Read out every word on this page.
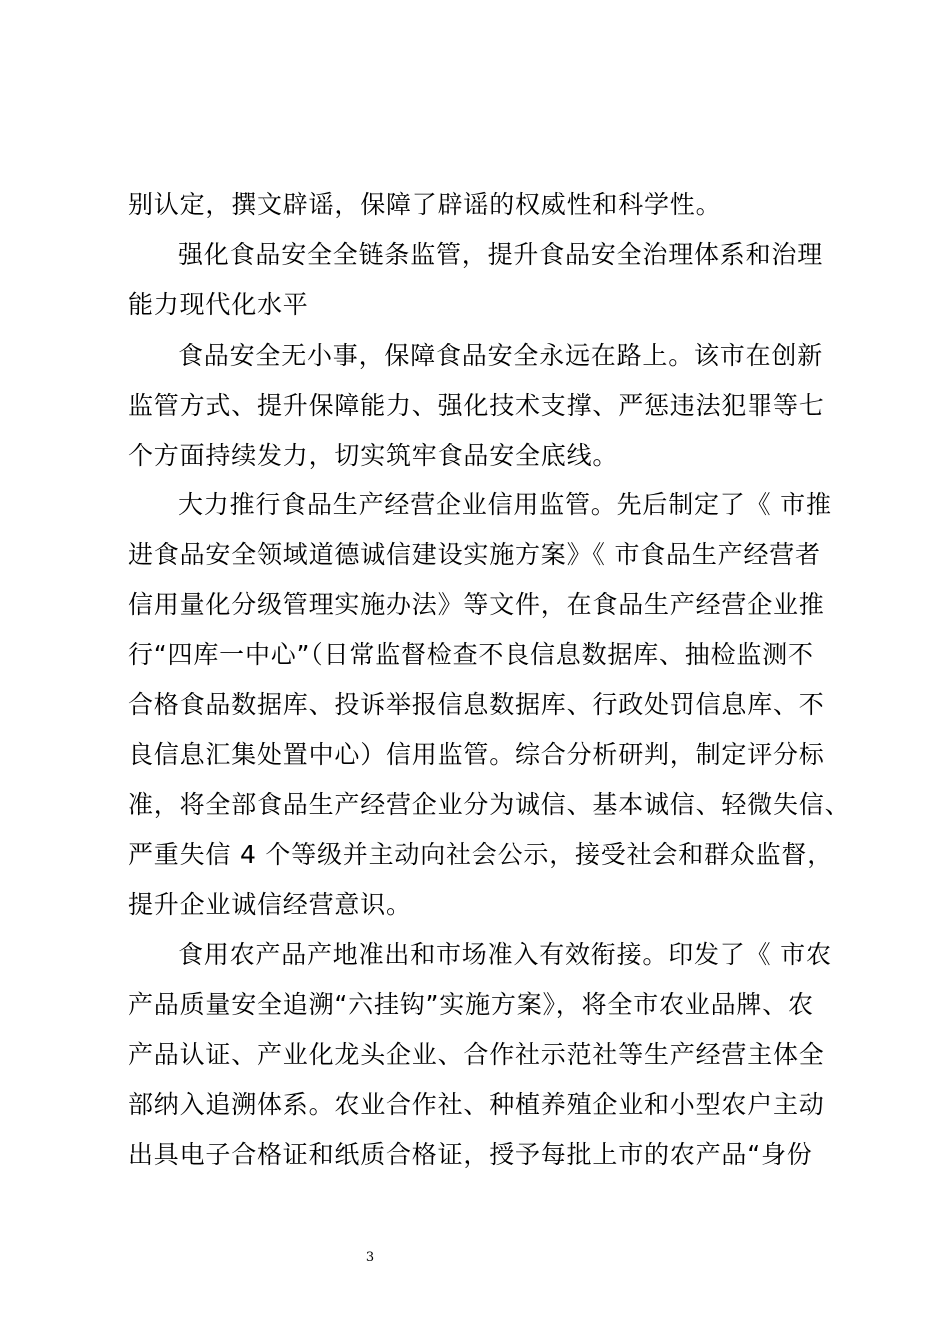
别认定，撰文辟谣，保障了辟谣的权威性和科学性。
强化食品安全全链条监管，提升食品安全治理体系和治理
能力现代化水平
食品安全无小事，保障食品安全永远在路上。该市在创新
监管方式、提升保障能力、强化技术支撑、严惩违法犯罪等七
个方面持续发力，切实筑牢食品安全底线。
大力推行食品生产经营企业信用监管。先后制定了《 市推
进食品安全领域道德诚信建设实施方案》《 市食品生产经营者
信用量化分级管理实施办法》等文件，在食品生产经营企业推
行“四库一中心”（日常监督检查不良信息数据库、抽检监测不
合格食品数据库、投诉举报信息数据库、行政处罚信息库、不
良信息汇集处置中心）信用监管。综合分析研判，制定评分标
准，将全部食品生产经营企业分为诚信、基本诚信、轻微失信、
严重失信 4 个等级并主动向社会公示，接受社会和群众监督，
提升企业诚信经营意识。
食用农产品产地准出和市场准入有效衔接。印发了《 市农
产品质量安全追溯“六挂钩”实施方案》，将全市农业品牌、农
产品认证、产业化龙头企业、合作社示范社等生产经营主体全
部纳入追溯体系。农业合作社、种植养殖企业和小型农户主动
出具电子合格证和纸质合格证，授予每批上市的农产品“身份
3
